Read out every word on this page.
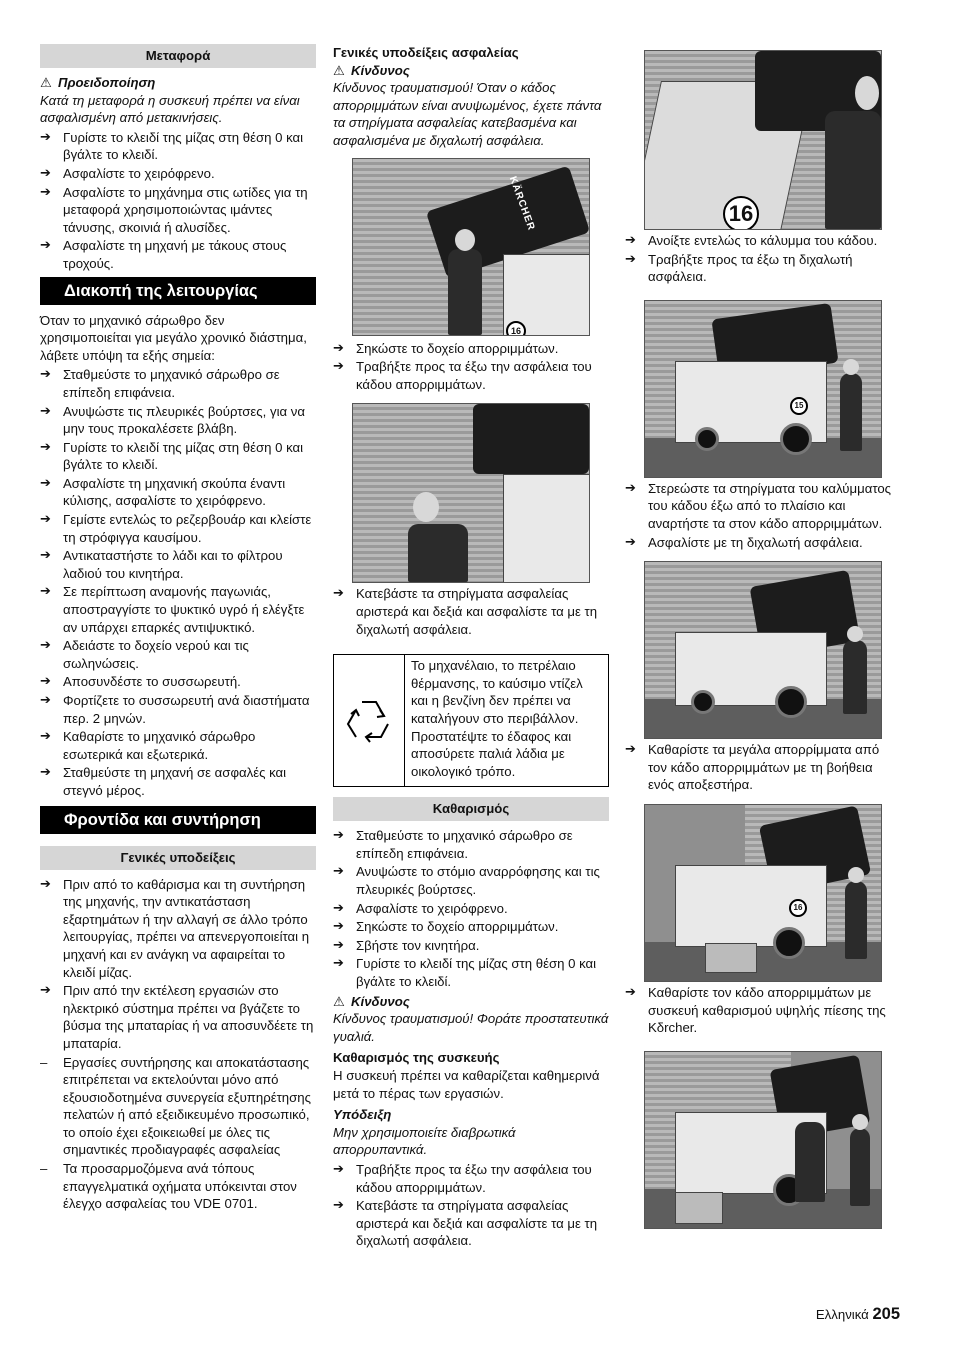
Μεταφορά

⚠ Προειδοποίηση

Κατά τη μεταφορά η συσκευή πρέπει να είναι ασφαλισμένη από μετακινήσεις.

➔ Γυρίστε το κλειδί της μίζας στη θέση 0 και βγάλτε το κλειδί.
➔ Ασφαλίστε το χειρόφρενο.
➔ Ασφαλίστε το μηχάνημα στις ωτίδες για τη μεταφορά χρησιμοποιώντας ιμάντες τάνυσης, σκοινιά ή αλυσίδες.
➔ Ασφαλίστε τη μηχανή με τάκους στους τροχούς.
Διακοπή της λειτουργίας

Όταν το μηχανικό σάρωθρο δεν χρησιμοποιείται για μεγάλο χρονικό διάστημα, λάβετε υπόψη τα εξής σημεία:

➔ Σταθμεύστε το μηχανικό σάρωθρο σε επίπεδη επιφάνεια.
➔ Ανυψώστε τις πλευρικές βούρτσες, για να μην τους προκαλέσετε βλάβη.
➔ Γυρίστε το κλειδί της μίζας στη θέση 0 και βγάλτε το κλειδί.
➔ Ασφαλίστε τη μηχανική σκούπα έναντι κύλισης, ασφαλίστε το χειρόφρενο.
➔ Γεμίστε εντελώς το ρεζερβουάρ και κλείστε τη στρόφιγγα καυσίμου.
➔ Αντικαταστήστε το λάδι και το φίλτρου λαδιού του κινητήρα.
➔ Σε περίπτωση αναμονής παγωνιάς, αποστραγγίστε το ψυκτικό υγρό ή ελέγξτε αν υπάρχει επαρκές αντιψυκτικό.
➔ Αδειάστε το δοχείο νερού και τις σωληνώσεις.
➔ Αποσυνδέστε το συσσωρευτή.
➔ Φορτίζετε το συσσωρευτή ανά διαστήματα περ. 2 μηνών.
➔ Καθαρίστε το μηχανικό σάρωθρο εσωτερικά και εξωτερικά.
➔ Σταθμεύστε τη μηχανή σε ασφαλές και στεγνό μέρος.
Φροντίδα και συντήρηση
Γενικές υποδείξεις
➔ Πριν από το καθάρισμα και τη συντήρηση της μηχανής, την αντικατάσταση εξαρτημάτων ή την αλλαγή σε άλλο τρόπο λειτουργίας, πρέπει να απενεργοποιείται η μηχανή και εν ανάγκη να αφαιρείται το κλειδί μίζας.
➔ Πριν από την εκτέλεση εργασιών στο ηλεκτρικό σύστημα πρέπει να βγάζετε το βύσμα της μπαταρίας ή να αποσυνδέετε τη μπαταρία.
– Εργασίες συντήρησης και αποκατάστασης επιτρέπεται να εκτελούνται μόνο από εξουσιοδοτημένα συνεργεία εξυπηρέτησης πελατών ή από εξειδικευμένο προσωπικό, το οποίο έχει εξοικειωθεί με όλες τις σημαντικές προδιαγραφές ασφαλείας
– Τα προσαρμοζόμενα ανά τόπους επαγγελματικά οχήματα υπόκεινται στον έλεγχο ασφαλείας του VDE 0701.

Γενικές υποδείξεις ασφαλείας

⚠ Κίνδυνος

Κίνδυνος τραυματισμού! Όταν ο κάδος απορριμμάτων είναι ανυψωμένος, έχετε πάντα τα στηρίγματα ασφαλείας κατεβασμένα και ασφαλισμένα με διχαλωτή ασφάλεια.

KÄRCHER
16
➔ Σηκώστε το δοχείο απορριμμάτων.
➔ Τραβήξτε προς τα έξω την ασφάλεια του κάδου απορριμμάτων.
➔ Κατεβάστε τα στηρίγματα ασφαλείας αριστερά και δεξιά και ασφαλίστε τα με τη διχαλωτή ασφάλεια.
Το μηχανέλαιο, το πετρέλαιο θέρμανσης, το καύσιμο ντίζελ και η βενζίνη δεν πρέπει να καταλήγουν στο περιβάλλον. Προστατέψτε το έδαφος και αποσύρετε παλιά λάδια με οικολογικό τρόπο.
Καθαρισμός
➔ Σταθμεύστε το μηχανικό σάρωθρο σε επίπεδη επιφάνεια.
➔ Ανυψώστε το στόμιο αναρρόφησης και τις πλευρικές βούρτσες.
➔ Ασφαλίστε το χειρόφρενο.
➔ Σηκώστε το δοχείο απορριμμάτων.
➔ Σβήστε τον κινητήρα.
➔ Γυρίστε το κλειδί της μίζας στη θέση 0 και βγάλτε το κλειδί.

⚠ Κίνδυνος

Κίνδυνος τραυματισμού! Φοράτε προστατευτικά γυαλιά.

Καθαρισμός της συσκευής

Η συσκευή πρέπει να καθαρίζεται καθημερινά μετά το πέρας των εργασιών.

Υπόδειξη

Μην χρησιμοποιείτε διαβρωτικά απορρυπαντικά.

➔ Τραβήξτε προς τα έξω την ασφάλεια του κάδου απορριμμάτων.
➔ Κατεβάστε τα στηρίγματα ασφαλείας αριστερά και δεξιά και ασφαλίστε τα με τη διχαλωτή ασφάλεια.
16
➔ Ανοίξτε εντελώς το κάλυμμα του κάδου.
➔ Τραβήξτε προς τα έξω τη διχαλωτή ασφάλεια.
15
➔ Στερεώστε τα στηρίγματα του καλύμματος του κάδου έξω από το πλαίσιο και αναρτήστε τα στον κάδο απορριμμάτων.
➔ Ασφαλίστε με τη διχαλωτή ασφάλεια.
➔ Καθαρίστε τα μεγάλα απορρίμματα από τον κάδο απορριμμάτων με τη βοήθεια ενός αποξεστήρα.
16
➔ Καθαρίστε τον κάδο απορριμμάτων με συσκευή καθαρισμού υψηλής πίεσης της Kδrcher.
Ελληνικά 205
